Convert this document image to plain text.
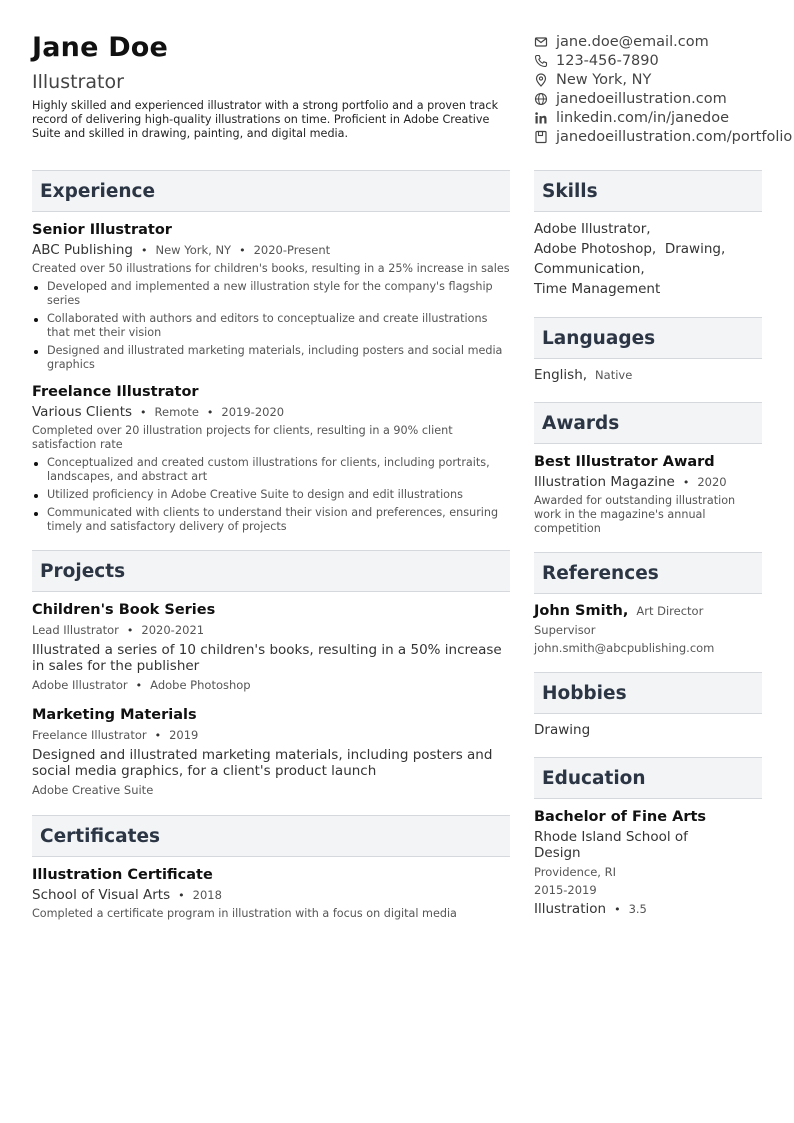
Jane Doe
Illustrator
Highly skilled and experienced illustrator with a strong portfolio and a proven track record of delivering high-quality illustrations on time. Proficient in Adobe Creative Suite and skilled in drawing, painting, and digital media.
jane.doe@email.com
123-456-7890
New York, NY
janedoeillustration.com
linkedin.com/in/janedoe
janedoeillustration.com/portfolio
Experience
Senior Illustrator
ABC Publishing • New York, NY • 2020-Present
Created over 50 illustrations for children's books, resulting in a 25% increase in sales
Developed and implemented a new illustration style for the company's flagship series
Collaborated with authors and editors to conceptualize and create illustrations that met their vision
Designed and illustrated marketing materials, including posters and social media graphics
Freelance Illustrator
Various Clients • Remote • 2019-2020
Completed over 20 illustration projects for clients, resulting in a 90% client satisfaction rate
Conceptualized and created custom illustrations for clients, including portraits, landscapes, and abstract art
Utilized proficiency in Adobe Creative Suite to design and edit illustrations
Communicated with clients to understand their vision and preferences, ensuring timely and satisfactory delivery of projects
Projects
Children's Book Series
Lead Illustrator • 2020-2021
Illustrated a series of 10 children's books, resulting in a 50% increase in sales for the publisher
Adobe Illustrator • Adobe Photoshop
Marketing Materials
Freelance Illustrator • 2019
Designed and illustrated marketing materials, including posters and social media graphics, for a client's product launch
Adobe Creative Suite
Certificates
Illustration Certificate
School of Visual Arts • 2018
Completed a certificate program in illustration with a focus on digital media
Skills
Adobe Illustrator,
Adobe Photoshop, Drawing,
Communication,
Time Management
Languages
English, Native
Awards
Best Illustrator Award
Illustration Magazine • 2020
Awarded for outstanding illustration work in the magazine's annual competition
References
John Smith, Art Director
Supervisor
john.smith@abcpublishing.com
Hobbies
Drawing
Education
Bachelor of Fine Arts
Rhode Island School of Design
Providence, RI
2015-2019
Illustration • 3.5
